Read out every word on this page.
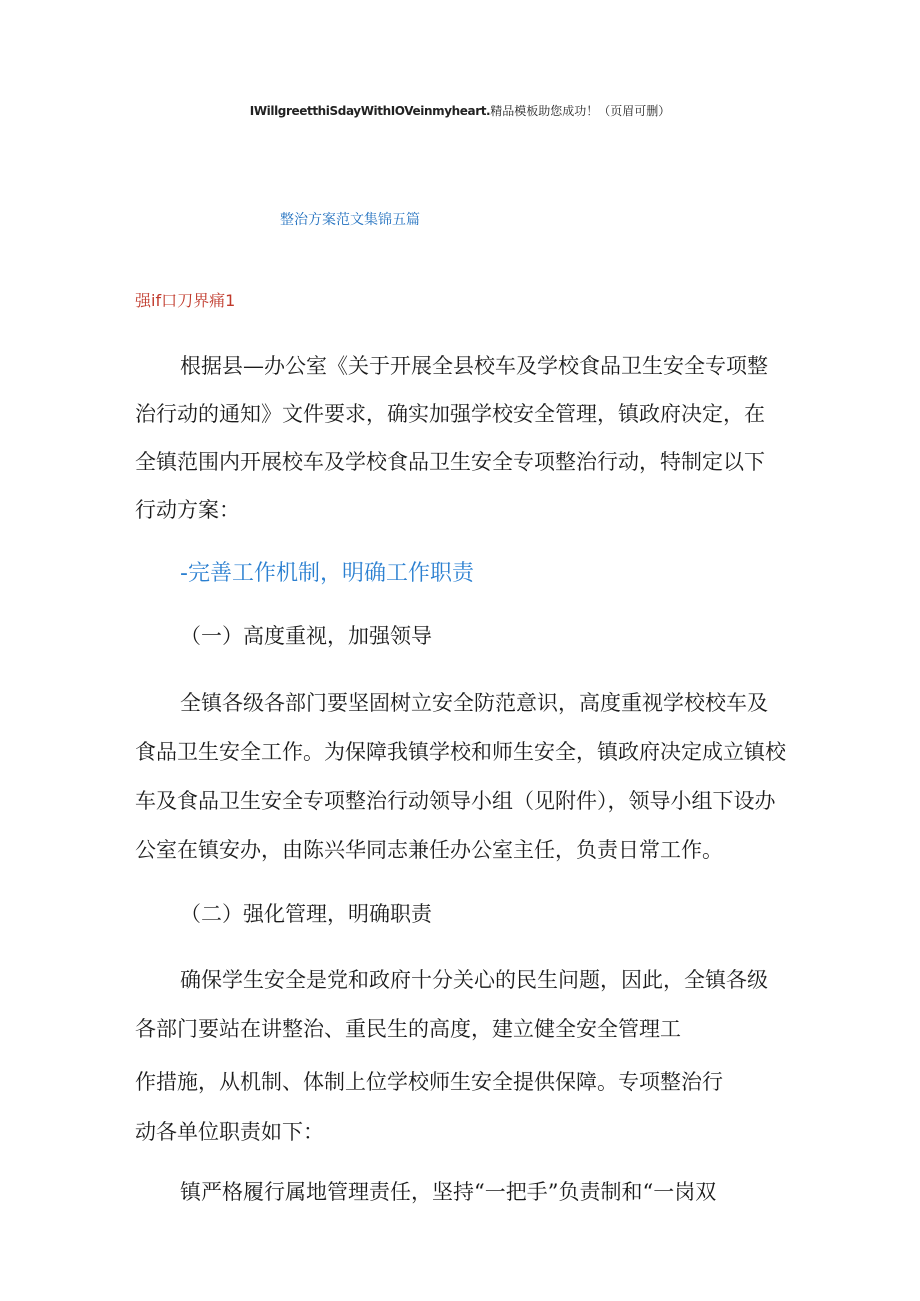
IWillgreetthiSdayWithIOVeinmyheart.精品模板助您成功！（页眉可删）
整治方案范文集锦五篇
强if口刀界痛1
根据县—办公室《关于开展全县校车及学校食品卫生安全专项整
治行动的通知》文件要求，确实加强学校安全管理，镇政府决定，在
全镇范围内开展校车及学校食品卫生安全专项整治行动，特制定以下
行动方案：
-完善工作机制，明确工作职责
（一）高度重视，加强领导
全镇各级各部门要坚固树立安全防范意识，高度重视学校校车及
食品卫生安全工作。为保障我镇学校和师生安全，镇政府决定成立镇校
车及食品卫生安全专项整治行动领导小组（见附件），领导小组下设办
公室在镇安办，由陈兴华同志兼任办公室主任，负责日常工作。
（二）强化管理，明确职责
确保学生安全是党和政府十分关心的民生问题，因此，全镇各级
各部门要站在讲整治、重民生的高度，建立健全安全管理工
作措施，从机制、体制上位学校师生安全提供保障。专项整治行
动各单位职责如下：
镇严格履行属地管理责任，坚持“一把手”负责制和“一岗双
